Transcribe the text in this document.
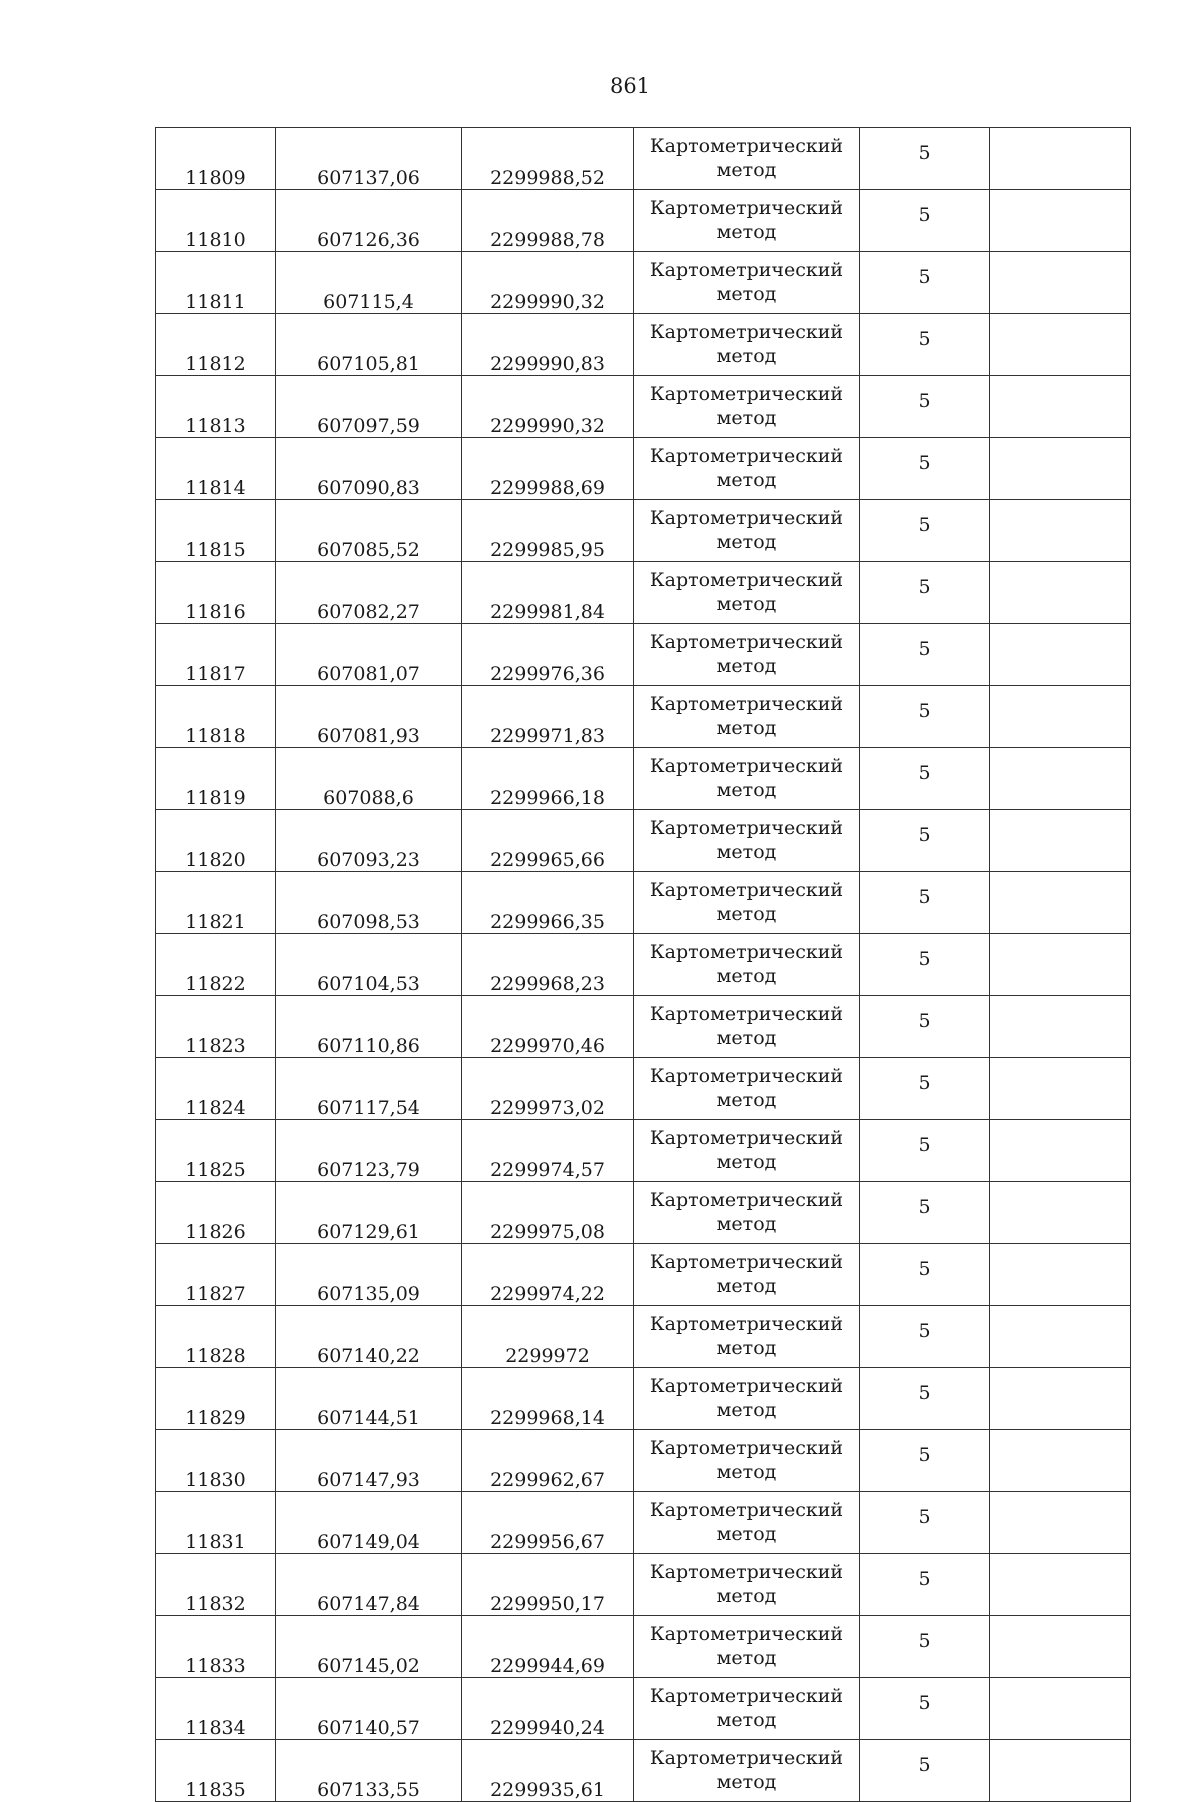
861
11809	607137,06	2299988,52	Картометрический
метод	5	
11810	607126,36	2299988,78	Картометрический
метод	5	
11811	607115,4	2299990,32	Картометрический
метод	5	
11812	607105,81	2299990,83	Картометрический
метод	5	
11813	607097,59	2299990,32	Картометрический
метод	5	
11814	607090,83	2299988,69	Картометрический
метод	5	
11815	607085,52	2299985,95	Картометрический
метод	5	
11816	607082,27	2299981,84	Картометрический
метод	5	
11817	607081,07	2299976,36	Картометрический
метод	5	
11818	607081,93	2299971,83	Картометрический
метод	5	
11819	607088,6	2299966,18	Картометрический
метод	5	
11820	607093,23	2299965,66	Картометрический
метод	5	
11821	607098,53	2299966,35	Картометрический
метод	5	
11822	607104,53	2299968,23	Картометрический
метод	5	
11823	607110,86	2299970,46	Картометрический
метод	5	
11824	607117,54	2299973,02	Картометрический
метод	5	
11825	607123,79	2299974,57	Картометрический
метод	5	
11826	607129,61	2299975,08	Картометрический
метод	5	
11827	607135,09	2299974,22	Картометрический
метод	5	
11828	607140,22	2299972	Картометрический
метод	5	
11829	607144,51	2299968,14	Картометрический
метод	5	
11830	607147,93	2299962,67	Картометрический
метод	5	
11831	607149,04	2299956,67	Картометрический
метод	5	
11832	607147,84	2299950,17	Картометрический
метод	5	
11833	607145,02	2299944,69	Картометрический
метод	5	
11834	607140,57	2299940,24	Картометрический
метод	5	
11835	607133,55	2299935,61	Картометрический
метод	5	
